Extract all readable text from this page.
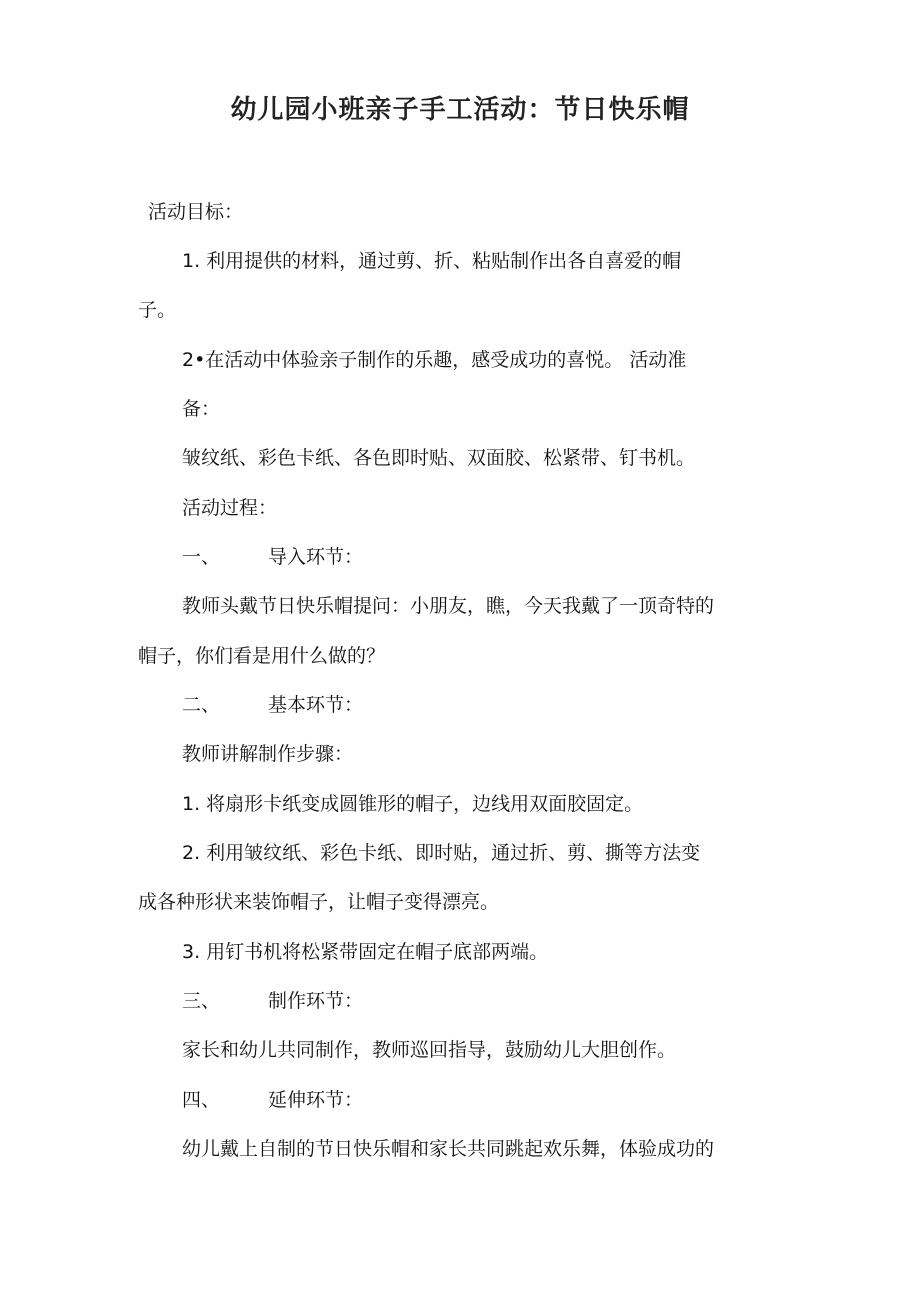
幼儿园小班亲子手工活动：节日快乐帽
活动目标：
1. 利用提供的材料，通过剪、折、粘贴制作出各自喜爱的帽
子。
2•在活动中体验亲子制作的乐趣，感受成功的喜悦。 活动准
备：
皱纹纸、彩色卡纸、各色即时贴、双面胶、松紧带、钉书机。
活动过程：
一、	导入环节：
教师头戴节日快乐帽提问：小朋友，瞧，今天我戴了一顶奇特的
帽子，你们看是用什么做的？
二、	基本环节：
教师讲解制作步骤：
1. 将扇形卡纸变成圆锥形的帽子，边线用双面胶固定。
2. 利用皱纹纸、彩色卡纸、即时贴，通过折、剪、撕等方法变
成各种形状来装饰帽子，让帽子变得漂亮。
3. 用钉书机将松紧带固定在帽子底部两端。
三、	制作环节：
家长和幼儿共同制作，教师巡回指导，鼓励幼儿大胆创作。
四、	延伸环节：
幼儿戴上自制的节日快乐帽和家长共同跳起欢乐舞，体验成功的
